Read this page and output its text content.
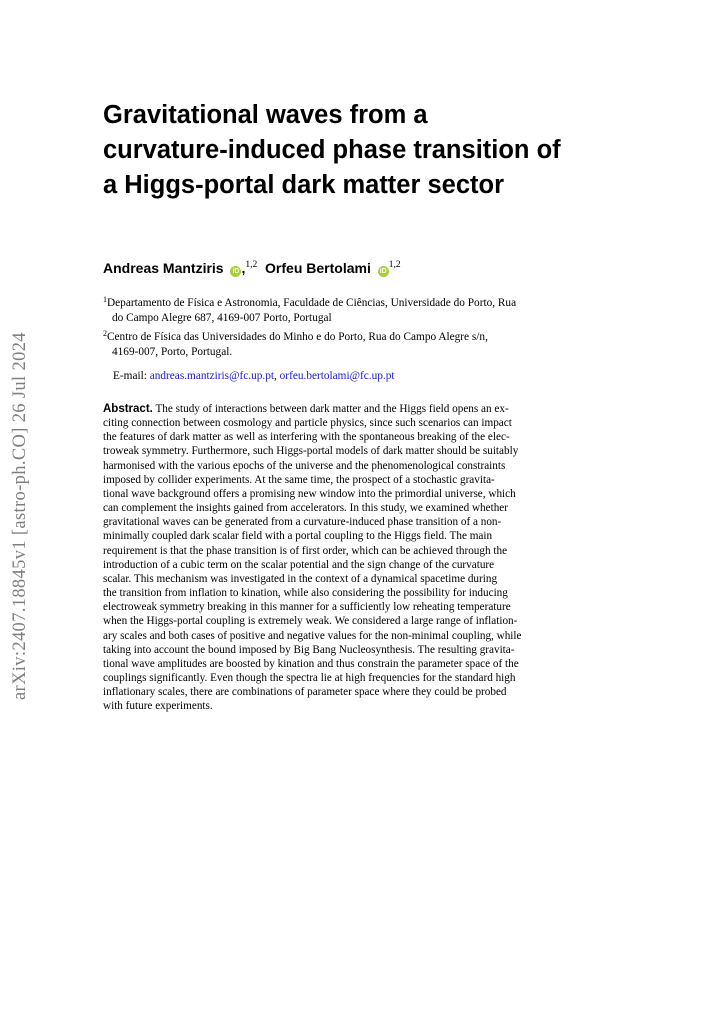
arXiv:2407.18845v1 [astro-ph.CO] 26 Jul 2024
Gravitational waves from a
curvature-induced phase transition of
a Higgs-portal dark matter sector
Andreas Mantziris iD ,$^{1,2}$ Orfeu Bertolami iD$^{1,2}$
$^1$Departamento de Física e Astronomia, Faculdade de Ciências, Universidade do Porto, Rua
do Campo Alegre 687, 4169-007 Porto, Portugal
$^2$Centro de Física das Universidades do Minho e do Porto, Rua do Campo Alegre s/n,
4169-007, Porto, Portugal.
E-mail: andreas.mantziris@fc.up.pt, orfeu.bertolami@fc.up.pt
Abstract. The study of interactions between dark matter and the Higgs field opens an ex-
citing connection between cosmology and particle physics, since such scenarios can impact
the features of dark matter as well as interfering with the spontaneous breaking of the elec-
troweak symmetry. Furthermore, such Higgs-portal models of dark matter should be suitably
harmonised with the various epochs of the universe and the phenomenological constraints
imposed by collider experiments. At the same time, the prospect of a stochastic gravita-
tional wave background offers a promising new window into the primordial universe, which
can complement the insights gained from accelerators. In this study, we examined whether
gravitational waves can be generated from a curvature-induced phase transition of a non-
minimally coupled dark scalar field with a portal coupling to the Higgs field. The main
requirement is that the phase transition is of first order, which can be achieved through the
introduction of a cubic term on the scalar potential and the sign change of the curvature
scalar. This mechanism was investigated in the context of a dynamical spacetime during
the transition from inflation to kination, while also considering the possibility for inducing
electroweak symmetry breaking in this manner for a sufficiently low reheating temperature
when the Higgs-portal coupling is extremely weak. We considered a large range of inflation-
ary scales and both cases of positive and negative values for the non-minimal coupling, while
taking into account the bound imposed by Big Bang Nucleosynthesis. The resulting gravita-
tional wave amplitudes are boosted by kination and thus constrain the parameter space of the
couplings significantly. Even though the spectra lie at high frequencies for the standard high
inflationary scales, there are combinations of parameter space where they could be probed
with future experiments.
